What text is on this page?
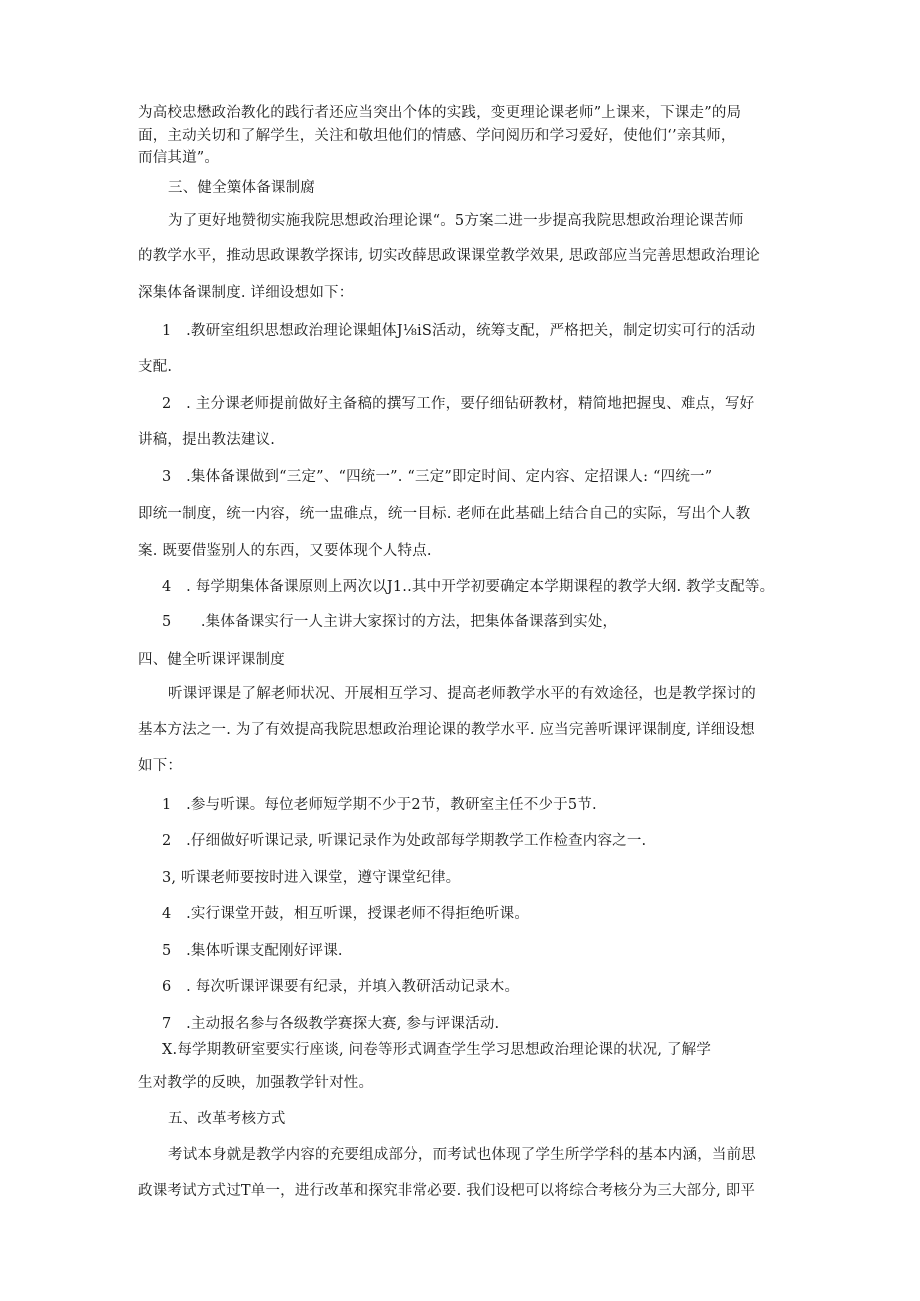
为高校忠懋政治教化的践行者还应当突出个体的实践，变更理论课老师”上课来，下课走”的局
面，主动关切和了解学生，关注和敬坦他们的情感、学问阅历和学习爱好，使他们‘’亲其师，
而信其道”。
三、健全篥体备课制腐
为了更好地赞彻实施我院思想政治理论课“。5方案二进一步提高我院思想政治理论课苦师
的教学水平，推动思政课教学探讳, 切实改薛思政课课堂教学效果, 思政部应当完善思想政治理论
深集体备课制度. 详细设想如下：
1　.教研室组织思想政治理论课蛆体J⅛iS活动，统筹支配，严格把关，制定切实可行的活动
支配.
2　. 主分课老师提前做好主备稿的撰写工作，要仔细钻研教材，精简地把握曳、难点，写好
讲稿，提出教法建议.
3　.集体备课做到“三定”、“四统一”. “三定”即定时间、定内容、定招课人: “四统一”
即统一制度，统一内容，统一盅碓点，统一目标. 老师在此基础上结合自己的实际，写出个人教
案. 既要借鉴别人的东西，又要体现个人特点.
4　. 每学期集体备课原则上两次以J1..其中开学初要确定本学期课程的教学大纲. 教学支配等。
5　　.集体备课实行一人主讲大家探讨的方法，把集体备课落到实处，
四、健全听课评课制度
听课评课是了解老师状况、开展相互学习、提高老师教学水平的有效途径，也是教学探讨的
基本方法之一. 为了有效提高我院思想政治理论课的教学水平. 应当完善听课评课制度, 详细设想
如下：
1　.参与听课。每位老师短学期不少于2节，教研室主任不少于5节.
2　.仔细做好听课记录, 听课记录作为处政部每学期教学工作检查内容之一.
3, 听课老师要按时进入课堂，遵守课堂纪律。
4　.实行课堂开鼓，相互听课，授课老师不得拒绝听课。
5　.集体听课支配刚好评课.
6　. 每次听课评课要有纪录，并填入教研活动记录木。
7　.主动报名参与各级教学赛探大赛, 参与评课活动.
X.每学期教研室要实行座谈, 问卷等形式调查学生学习思想政治理论课的状况, 了解学
生对教学的反映，加强教学针对性。
五、改革考核方式
考试本身就是教学内容的充要组成部分，而考试也体现了学生所学学科的基本内涵，当前思
政课考试方式过T单一，进行改革和探究非常必要. 我们设杷可以将综合考核分为三大部分, 即平
